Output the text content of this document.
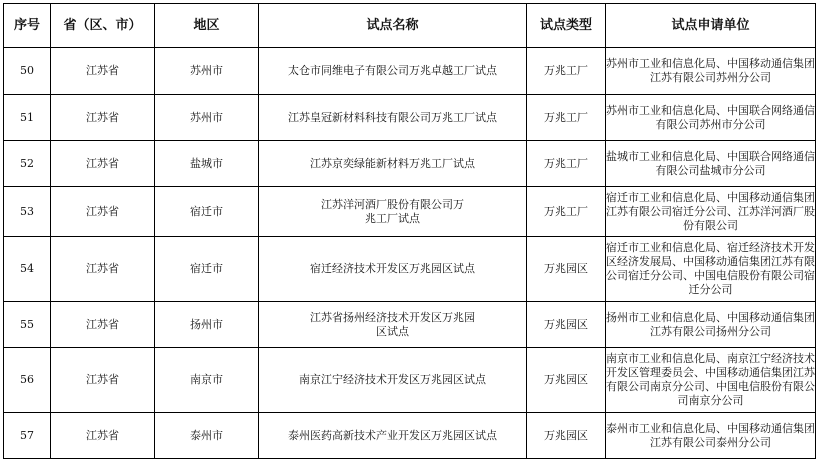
序号	省（区、市）	地区	试点名称	试点类型	试点申请单位
50	江苏省	苏州市	太仓市同维电子有限公司万兆卓越工厂试点	万兆工厂	苏州市工业和信息化局、中国移动通信集团江苏有限公司苏州分公司
51	江苏省	苏州市	江苏皇冠新材料科技有限公司万兆工厂试点	万兆工厂	苏州市工业和信息化局、中国联合网络通信有限公司苏州市分公司
52	江苏省	盐城市	江苏京奕绿能新材料万兆工厂试点	万兆工厂	盐城市工业和信息化局、中国联合网络通信有限公司盐城市分公司
53	江苏省	宿迁市	江苏洋河酒厂股份有限公司万兆工厂试点	万兆工厂	宿迁市工业和信息化局、中国移动通信集团江苏有限公司宿迁分公司、江苏洋河酒厂股份有限公司
54	江苏省	宿迁市	宿迁经济技术开发区万兆园区试点	万兆园区	宿迁市工业和信息化局、宿迁经济技术开发区经济发展局、中国移动通信集团江苏有限公司宿迁分公司、中国电信股份有限公司宿迁分公司
55	江苏省	扬州市	江苏省扬州经济技术开发区万兆园区试点	万兆园区	扬州市工业和信息化局、中国移动通信集团江苏有限公司扬州分公司
56	江苏省	南京市	南京江宁经济技术开发区万兆园区试点	万兆园区	南京市工业和信息化局、南京江宁经济技术开发区管理委员会、中国移动通信集团江苏有限公司南京分公司、中国电信股份有限公司南京分公司
57	江苏省	泰州市	泰州医药高新技术产业开发区万兆园区试点	万兆园区	泰州市工业和信息化局、中国移动通信集团江苏有限公司泰州分公司
